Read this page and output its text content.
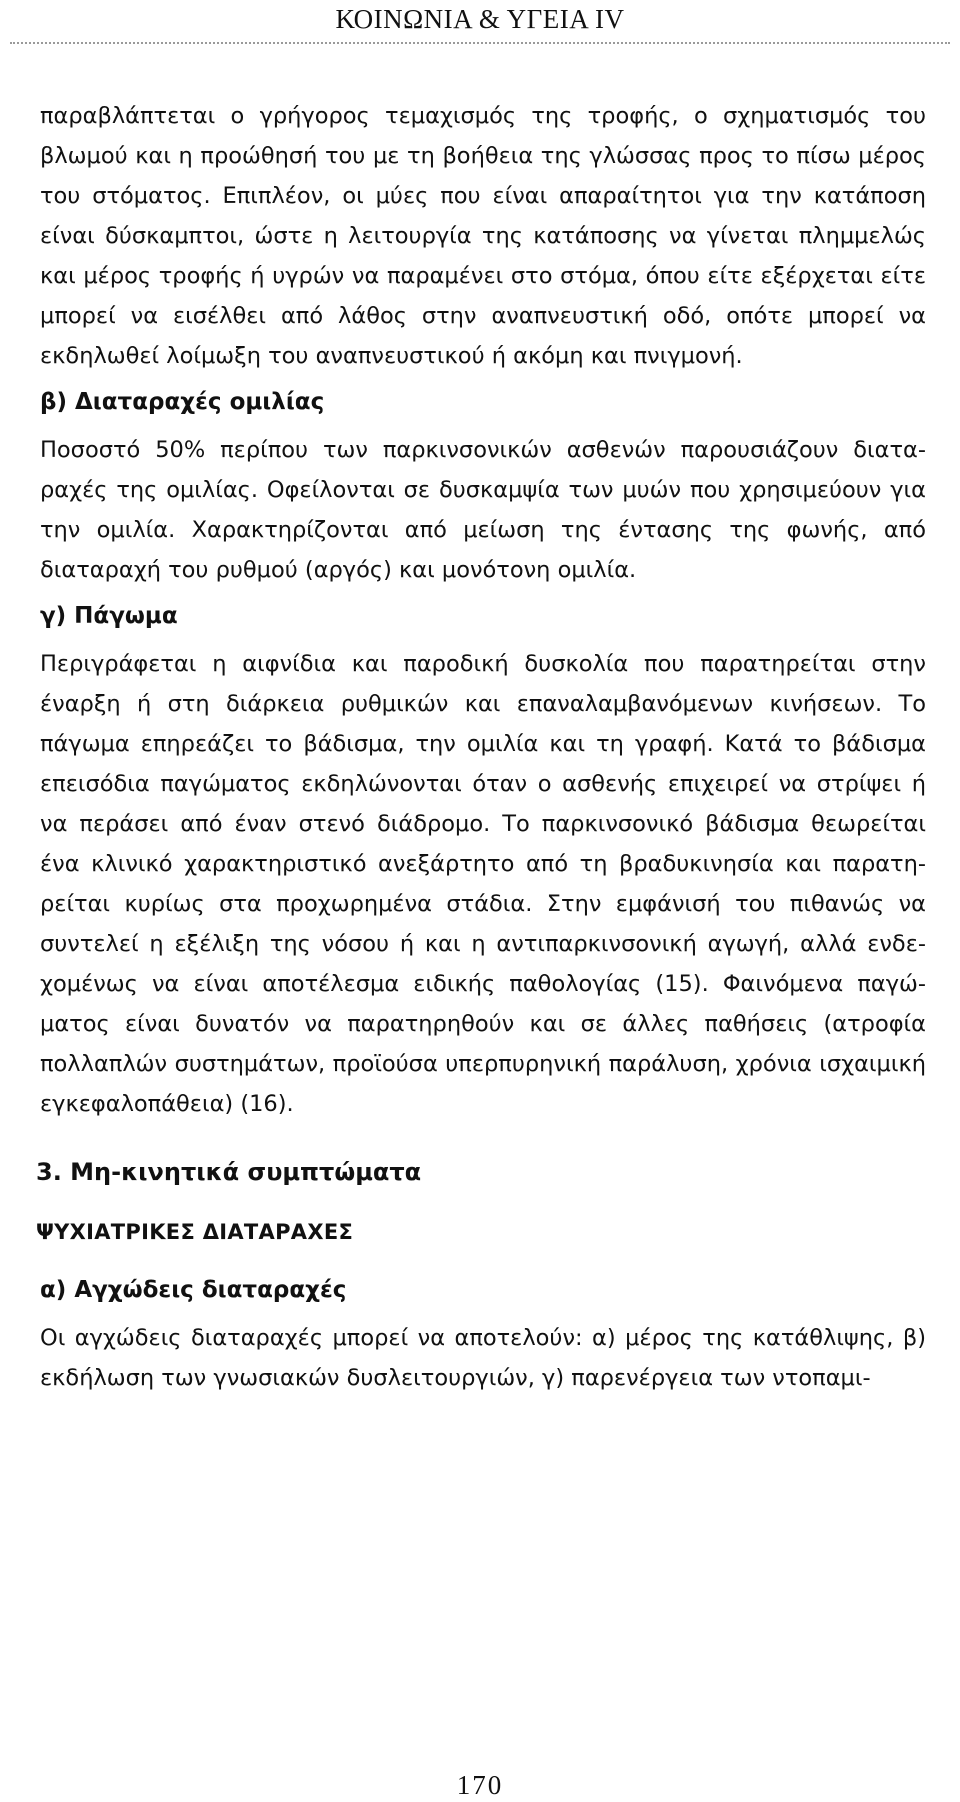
ΚΟΙΝΩΝΙΑ & ΥΓΕΙΑ IV

παραβλάπτεται ο γρήγορος τεμαχισμός της τροφής, ο σχηματισμός του βλωμού και η προώθησή του με τη βοήθεια της γλώσσας προς το πίσω μέρος του στόματος. Επιπλέον, οι μύες που είναι απαραίτητοι για την κατάποση είναι δύσκαμπτοι, ώστε η λειτουργία της κατάποσης να γίνεται πλημμελώς και μέρος τροφής ή υγρών να παραμένει στο στόμα, όπου είτε εξέρχεται είτε μπορεί να εισέλθει από λάθος στην αναπνευστική οδό, οπότε μπορεί να εκδηλωθεί λοίμωξη του αναπνευστικού ή ακόμη και πνιγμονή.

β) Διαταραχές ομιλίας

Ποσοστό 50% περίπου των παρκινσονικών ασθενών παρουσιάζουν διαταραχές της ομιλίας. Οφείλονται σε δυσκαμψία των μυών που χρησιμεύουν για την ομιλία. Χαρακτηρίζονται από μείωση της έντασης της φωνής, από διαταραχή του ρυθμού (αργός) και μονότονη ομιλία.

γ) Πάγωμα

Περιγράφεται η αιφνίδια και παροδική δυσκολία που παρατηρείται στην έναρξη ή στη διάρκεια ρυθμικών και επαναλαμβανόμενων κινήσεων. Το πάγωμα επηρεάζει το βάδισμα, την ομιλία και τη γραφή. Κατά το βάδισμα επεισόδια παγώματος εκδηλώνονται όταν ο ασθενής επιχειρεί να στρίψει ή να περάσει από έναν στενό διάδρομο. Το παρκινσονικό βάδισμα θεωρείται ένα κλινικό χαρακτηριστικό ανεξάρτητο από τη βραδυκινησία και παρατηρείται κυρίως στα προχωρημένα στάδια. Στην εμφάνισή του πιθανώς να συντελεί η εξέλιξη της νόσου ή και η αντιπαρκινσονική αγωγή, αλλά ενδεχομένως να είναι αποτέλεσμα ειδικής παθολογίας (15). Φαινόμενα παγώματος είναι δυνατόν να παρατηρηθούν και σε άλλες παθήσεις (ατροφία πολλαπλών συστημάτων, προϊούσα υπερπυρηνική παράλυση, χρόνια ισχαιμική εγκεφαλοπάθεια) (16).

3. Μη-κινητικά συμπτώματα
ΨΥΧΙΑΤΡΙΚΕΣ ΔΙΑΤΑΡΑΧΕΣ
α) Αγχώδεις διαταραχές

Οι αγχώδεις διαταραχές μπορεί να αποτελούν: α) μέρος της κατάθλιψης, β) εκδήλωση των γνωσιακών δυσλειτουργιών, γ) παρενέργεια των ντοπαμι-

170
